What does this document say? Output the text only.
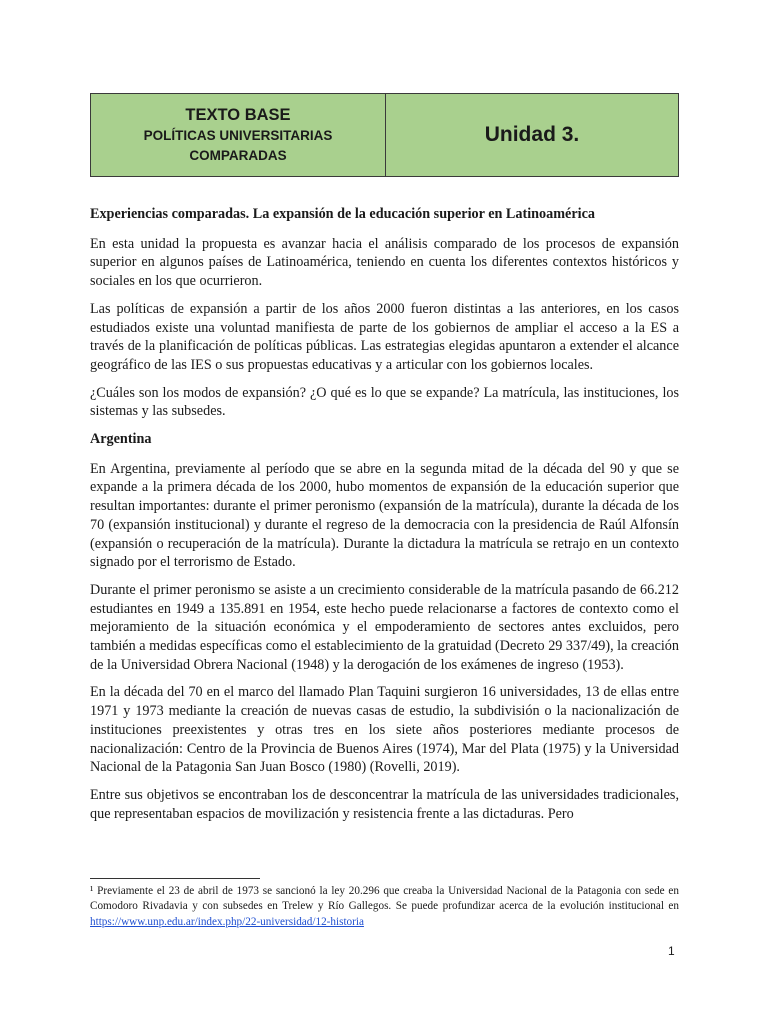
TEXTO BASE
POLÍTICAS UNIVERSITARIAS
COMPARADAS
Unidad 3.

Experiencias comparadas. La expansión de la educación superior en Latinoamérica

En esta unidad la propuesta es avanzar hacia el análisis comparado de los procesos de expansión superior en algunos países de Latinoamérica, teniendo en cuenta los diferentes contextos históricos y sociales en los que ocurrieron.

Las políticas de expansión a partir de los años 2000 fueron distintas a las anteriores, en los casos estudiados existe una voluntad manifiesta de parte de los gobiernos de ampliar el acceso a la ES a través de la planificación de políticas públicas. Las estrategias elegidas apuntaron a extender el alcance geográfico de las IES o sus propuestas educativas y a articular con los gobiernos locales.

¿Cuáles son los modos de expansión? ¿O qué es lo que se expande? La matrícula, las instituciones, los sistemas y las subsedes.

Argentina

En Argentina, previamente al período que se abre en la segunda mitad de la década del 90 y que se expande a la primera década de los 2000, hubo momentos de expansión de la educación superior que resultan importantes: durante el primer peronismo (expansión de la matrícula), durante la década de los 70 (expansión institucional) y durante el regreso de la democracia con la presidencia de Raúl Alfonsín (expansión o recuperación de la matrícula). Durante la dictadura la matrícula se retrajo en un contexto signado por el terrorismo de Estado.

Durante el primer peronismo se asiste a un crecimiento considerable de la matrícula pasando de 66.212 estudiantes en 1949 a 135.891 en 1954, este hecho puede relacionarse a factores de contexto como el mejoramiento de la situación económica y el empoderamiento de sectores antes excluidos, pero también a medidas específicas como el establecimiento de la gratuidad (Decreto 29 337/49), la creación de la Universidad Obrera Nacional (1948) y la derogación de los exámenes de ingreso (1953).

En la década del 70 en el marco del llamado Plan Taquini surgieron 16 universidades, 13 de ellas entre 1971 y 1973 mediante la creación de nuevas casas de estudio, la subdivisión o la nacionalización de instituciones preexistentes y otras tres en los siete años posteriores mediante procesos de nacionalización: Centro de la Provincia de Buenos Aires (1974), Mar del Plata (1975) y la Universidad Nacional de la Patagonia San Juan Bosco (1980) (Rovelli, 2019).

Entre sus objetivos se encontraban los de desconcentrar la matrícula de las universidades tradicionales, que representaban espacios de movilización y resistencia frente a las dictaduras. Pero

¹ Previamente el 23 de abril de 1973 se sancionó la ley 20.296 que creaba la Universidad Nacional de la Patagonia con sede en Comodoro Rivadavia y con subsedes en Trelew y Río Gallegos. Se puede profundizar acerca de la evolución institucional en https://www.unp.edu.ar/index.php/22-universidad/12-historia
1
